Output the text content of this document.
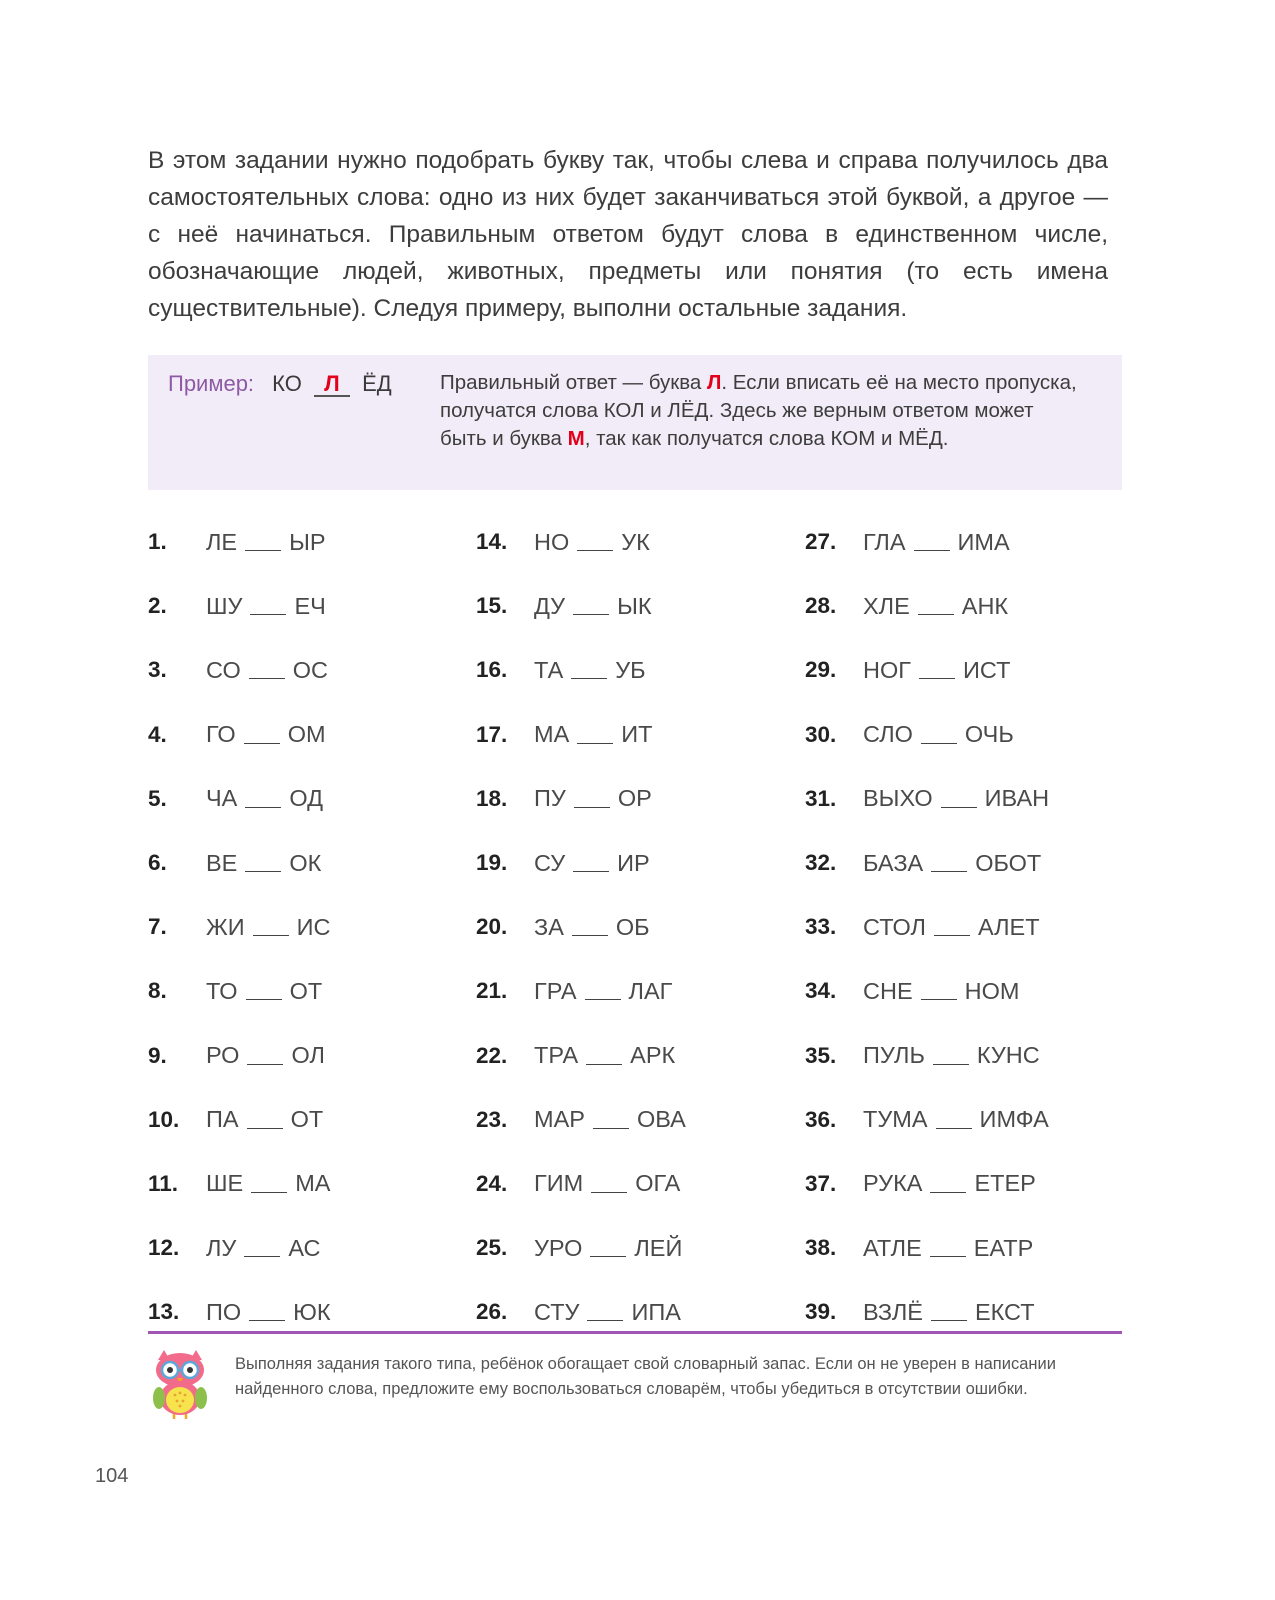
В этом задании нужно подобрать букву так, чтобы слева и справа получилось два самостоятельных слова: одно из них будет заканчиваться этой буквой, а другое — с неё начинаться. Правильным ответом будут слова в единственном числе, обозначающие людей, животных, предметы или понятия (то есть имена существительные). Следуя примеру, выполни остальные задания.

Пример: КО Л ЁД Правильный ответ — буква Л. Если вписать её на место пропуска, получатся слова КОЛ и ЛЁД. Здесь же верным ответом может быть и буква М, так как получатся слова КОМ и МЁД.

1.	ЛЕ ЫР
2.	ШУ ЕЧ
3.	СО ОС
4.	ГО ОМ
5.	ЧА ОД
6.	ВЕ ОК
7.	ЖИ ИС
8.	ТО ОТ
9.	РО ОЛ
10.	ПА ОТ
11.	ШЕ МА
12.	ЛУ АС
13.	ПО ЮК
14.	НО УК
15.	ДУ ЫК
16.	ТА УБ
17.	МА ИТ
18.	ПУ ОР
19.	СУ ИР
20.	ЗА ОБ
21.	ГРА ЛАГ
22.	ТРА АРК
23.	МАР ОВА
24.	ГИМ ОГА
25.	УРО ЛЕЙ
26.	СТУ ИПА
27.	ГЛА ИМА
28.	ХЛЕ АНК
29.	НОГ ИСТ
30.	СЛО ОЧЬ
31.	ВЫХО ИВАН
32.	БАЗА ОБОТ
33.	СТОЛ АЛЕТ
34.	СНЕ НОМ
35.	ПУЛЬ КУНС
36.	ТУМА ИМФА
37.	РУКА ЕТЕР
38.	АТЛЕ ЕАТР
39.	ВЗЛЁ ЕКСТ

Выполняя задания такого типа, ребёнок обогащает свой словарный запас. Если он не уверен в написании найденного слова, предложите ему воспользоваться словарём, чтобы убедиться в отсутствии ошибки.

104
